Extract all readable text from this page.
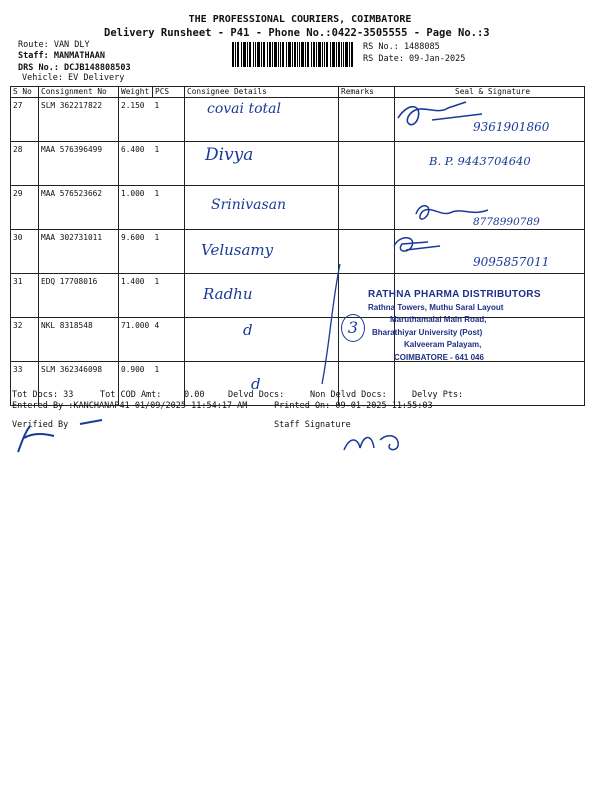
THE PROFESSIONAL COURIERS, COIMBATORE
Delivery Runsheet - P41 - Phone No.:0422-3505555 - Page No.:3
Route: VAN DLY
Staff: MANMATHAAN
DRS No.: DCJB148808503
Vehicle: EV Delivery
RS No.: 1488085
RS Date: 09-Jan-2025
S No	Consignment No	Weight	PCS	Consignee Details	Remarks	Seal & Signature
27	SLM 362217822	2.150	1	covai total		9361901860

28	MAA 576396499	6.400	1	Divya		B. P. 9443704640

29	MAA 576523662	1.000	1	Srinivasan		8778990789

30	MAA 302731011	9.600	1	Velusamy		9095857011

31	EDQ 17708016	1.400	1	Radhu		
32	NKL 8318548	71.000	4	d		
33	SLM 362346098	0.900	1	d		
RATHNA PHARMA DISTRIBUTORS
Rathna Towers, Muthu Saral Layout
Maruthamalai Main Road,
Bharathiyar University (Post)
Kalveeram Palayam,
COIMBATORE - 641 046
3
Tot Docs: 33	Tot COD Amt:	0.00	Delvd Docs:	Non Delvd Docs:	Delvy Pts:
Entered By :KANCHANAP41 01/09/2025 11:54:17 AM	Printed On: 09-01-2025 11:55:03
Verified By	Staff Signature
